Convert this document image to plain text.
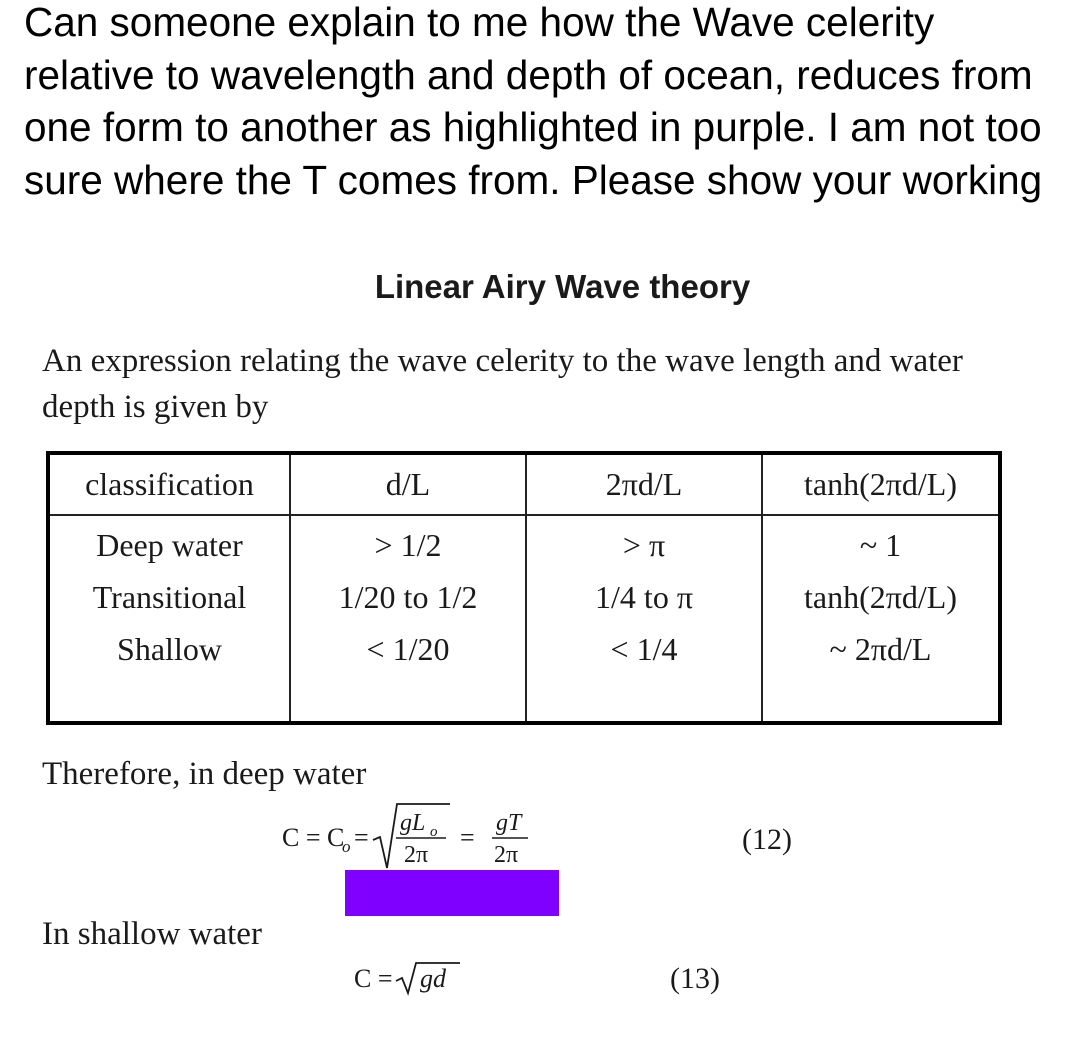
Can someone explain to me how the Wave celerity relative to wavelength and depth of ocean, reduces from one form to another as highlighted in purple. I am not too sure where the T comes from. Please show your working
Linear Airy Wave theory
An expression relating the wave celerity to the wave length and water depth is given by
classification	d/L	2πd/L	tanh(2πd/L)
Deep water	> 1/2	> π	~ 1
Transitional	1/20 to 1/2	1/4 to π	tanh(2πd/L)
Shallow	< 1/20	< 1/4	~ 2πd/L
Therefore, in deep water
C = C
o = gL o
2π
= gT
2π	(12)
In shallow water
C = gd	(13)
